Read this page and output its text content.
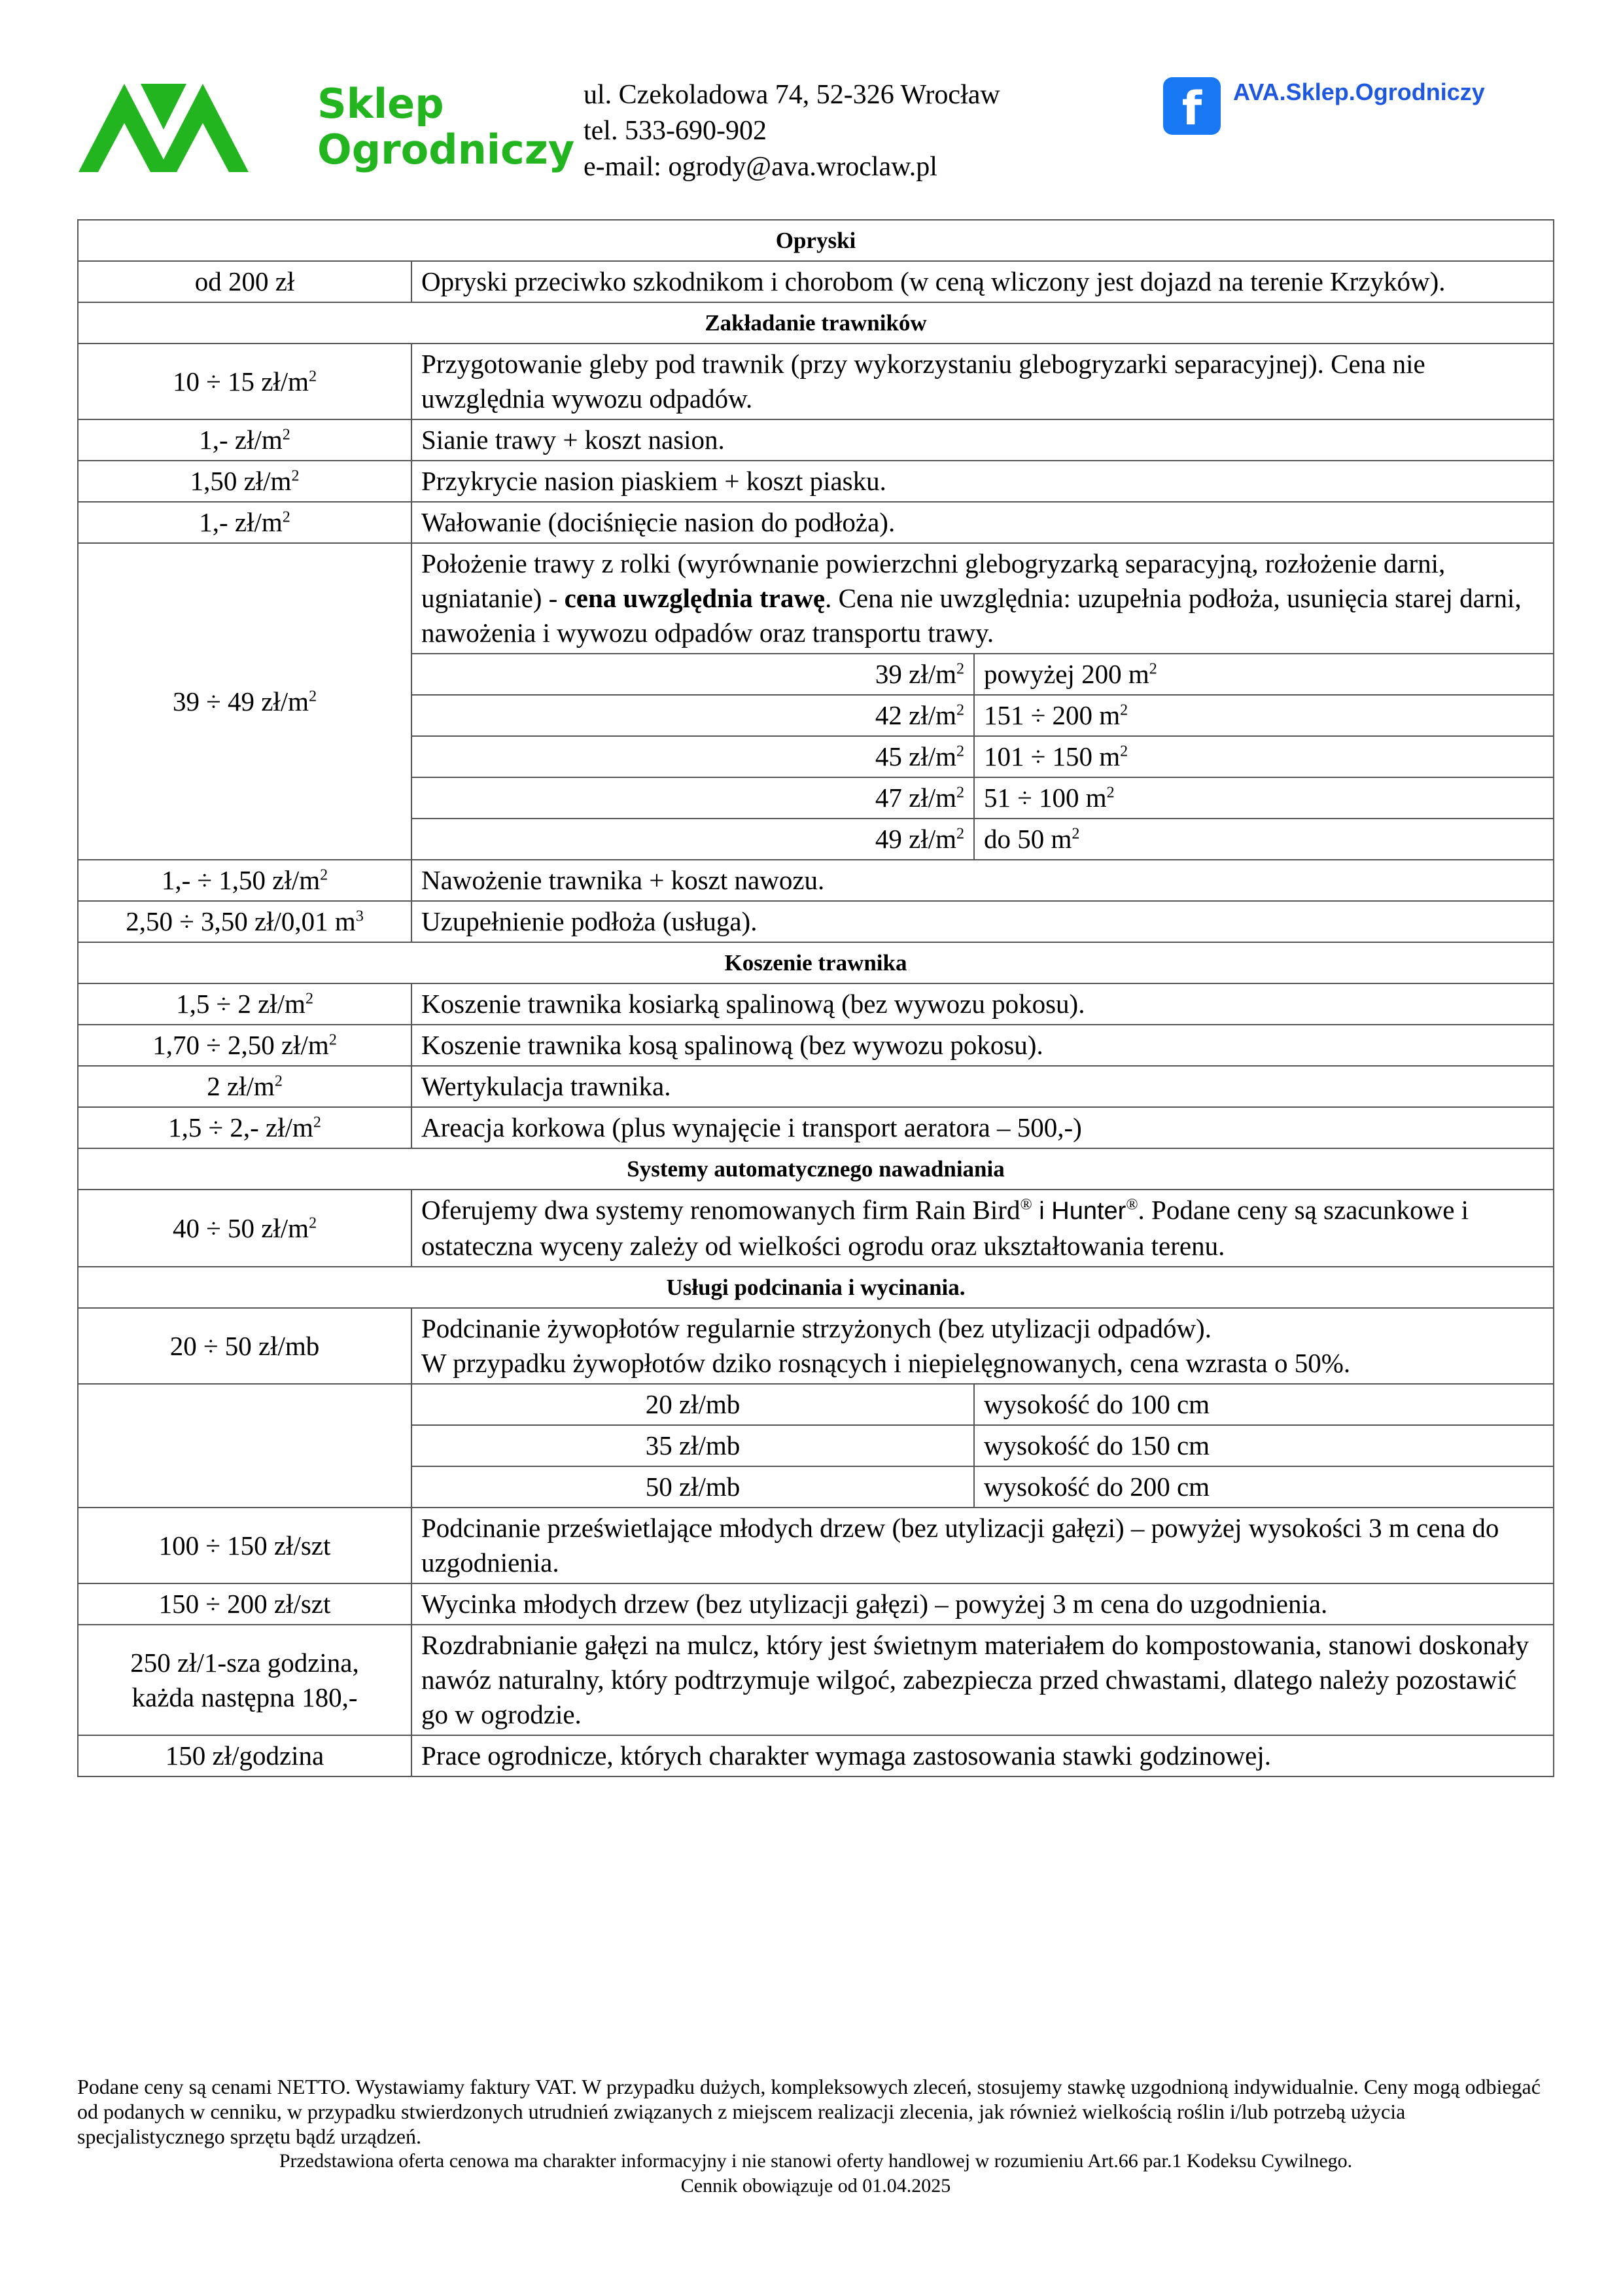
Sklep
Ogrodniczy
ul. Czekoladowa 74, 52-326 Wrocław
tel. 533-690-902
e-mail: ogrody@ava.wroclaw.pl
f	AVA.Sklep.Ogrodniczy
Opryski		
od 200 zł	Opryski przeciwko szkodnikom i chorobom (w ceną wliczony jest dojazd na terenie Krzyków).	
Zakładanie trawników		
10 ÷ 15 $zł/m^2$	Przygotowanie gleby pod trawnik (przy wykorzystaniu glebogryzarki separacyjnej). Cena nie uwzględnia wywozu odpadów.	
1,- $zł/m^2$	Sianie trawy + koszt nasion.	
1,50 $zł/m^2$	Przykrycie nasion piaskiem + koszt piasku.	
1,- $zł/m^2$	Wałowanie (dociśnięcie nasion do podłoża).	
39 ÷ 49 $zł/m^2$	Położenie trawy z rolki (wyrównanie powierzchni glebogryzarką separacyjną, rozłożenie darni, ugniatanie) - cena uwzględnia trawę. Cena nie uwzględnia: uzupełnia podłoża, usunięcia starej darni, nawożenia i wywozu odpadów oraz transportu trawy.	
	39 $zł/m^2$	powyżej 200 $m^2$
	42 $zł/m^2$	151 ÷ 200 $m^2$
	45 $zł/m^2$	101 ÷ 150 $m^2$
	47 $zł/m^2$	51 ÷ 100 $m^2$
	49 $zł/m^2$	do 50 $m^2$
1,- ÷ 1,50 $zł/m^2$	Nawożenie trawnika + koszt nawozu.	
2,50 ÷ 3,50 zł/0,01 $m^3$	Uzupełnienie podłoża (usługa).	
Koszenie trawnika		
1,5 ÷ 2 $zł/m^2$	Koszenie trawnika kosiarką spalinową (bez wywozu pokosu).	
1,70 ÷ 2,50 $zł/m^2$	Koszenie trawnika kosą spalinową (bez wywozu pokosu).	
2 $zł/m^2$	Wertykulacja trawnika.	
1,5 ÷ 2,- $zł/m^2$	Areacja korkowa (plus wynajęcie i transport aeratora – 500,-)	
Systemy automatycznego nawadniania		
40 ÷ 50 $zł/m^2$	Oferujemy dwa systemy renomowanych firm Rain Bird® i Hunter®. Podane ceny są szacunkowe i ostateczna wyceny zależy od wielkości ogrodu oraz ukształtowania terenu.	
Usługi podcinania i wycinania.		
20 ÷ 50 zł/mb	Podcinanie żywopłotów regularnie strzyżonych (bez utylizacji odpadów).
W przypadku żywopłotów dziko rosnących i niepielęgnowanych, cena wzrasta o 50%.	

	20 zł/mb	wysokość do 100 cm
	35 zł/mb	wysokość do 150 cm
	50 zł/mb	wysokość do 200 cm
100 ÷ 150 zł/szt	Podcinanie prześwietlające młodych drzew (bez utylizacji gałęzi) – powyżej wysokości 3 m cena do uzgodnienia.	
150 ÷ 200 zł/szt	Wycinka młodych drzew (bez utylizacji gałęzi) – powyżej 3 m cena do uzgodnienia.	

250 zł/1-sza godzina,
każda następna 180,-	Rozdrabnianie gałęzi na mulcz, który jest świetnym materiałem do kompostowania, stanowi doskonały nawóz naturalny, który podtrzymuje wilgoć, zabezpiecza przed chwastami, dlatego należy pozostawić go w ogrodzie.	
150 zł/godzina	Prace ogrodnicze, których charakter wymaga zastosowania stawki godzinowej.	
Podane ceny są cenami NETTO. Wystawiamy faktury VAT. W przypadku dużych, kompleksowych zleceń, stosujemy stawkę uzgodnioną indywidualnie. Ceny mogą odbiegać od podanych w cenniku, w przypadku stwierdzonych utrudnień związanych z miejscem realizacji zlecenia, jak również wielkością roślin i/lub potrzebą użycia specjalistycznego sprzętu bądź urządzeń.
Przedstawiona oferta cenowa ma charakter informacyjny i nie stanowi oferty handlowej w rozumieniu Art.66 par.1 Kodeksu Cywilnego.
Cennik obowiązuje od 01.04.2025
